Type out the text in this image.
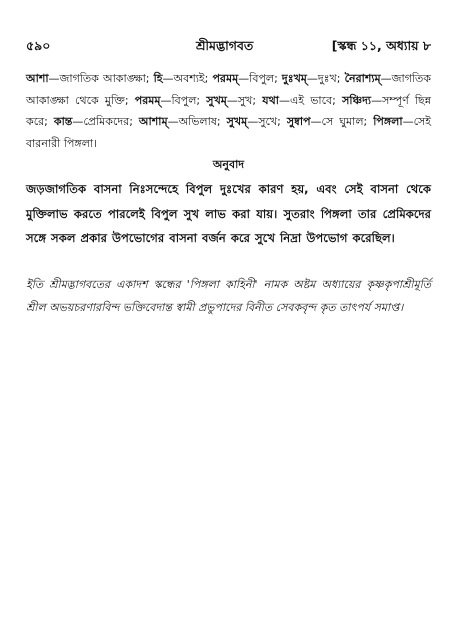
৫৯০	শ্রীমদ্ভাগবত	[স্কন্ধ ১১, অধ্যায় ৮
আশা—জাগতিক আকাঙ্ক্ষা; হি—অবশ্যই; পরমম্—বিপুল; দুঃখম্—দুঃখ; নৈরাশ্যম্—জাগতিক আকাঙ্ক্ষা থেকে মুক্তি; পরমম্—বিপুল; সুখম্—সুখ; যথা—এই ভাবে; সঞ্চিদ্য—সম্পূর্ণ ছিন্ন করে; কান্ত—প্রেমিকদের; আশাম্—অভিলাষ; সুখম্—সুখে; সুষ্বাপ—সে ঘুমাল; পিঙ্গলা—সেই বারনারী পিঙ্গলা।
অনুবাদ
জড়জাগতিক বাসনা নিঃসন্দেহে বিপুল দুঃখের কারণ হয়, এবং সেই বাসনা থেকে মুক্তিলাভ করতে পারলেই বিপুল সুখ লাভ করা যায়। সুতরাং পিঙ্গলা তার প্রেমিকদের সঙ্গে সকল প্রকার উপভোগের বাসনা বর্জন করে সুখে নিদ্রা উপভোগ করেছিল।
ইতি শ্রীমদ্ভাগবতের একাদশ স্কন্ধের 'পিঙ্গলা কাহিনী' নামক অষ্টম অধ্যায়ের কৃষ্ণকৃপাশ্রীমূর্তি শ্রীল অভয়চরণারবিন্দ ভক্তিবেদান্ত স্বামী প্রভুপাদের বিনীত সেবকবৃন্দ কৃত তাৎপর্য সমাপ্ত।
